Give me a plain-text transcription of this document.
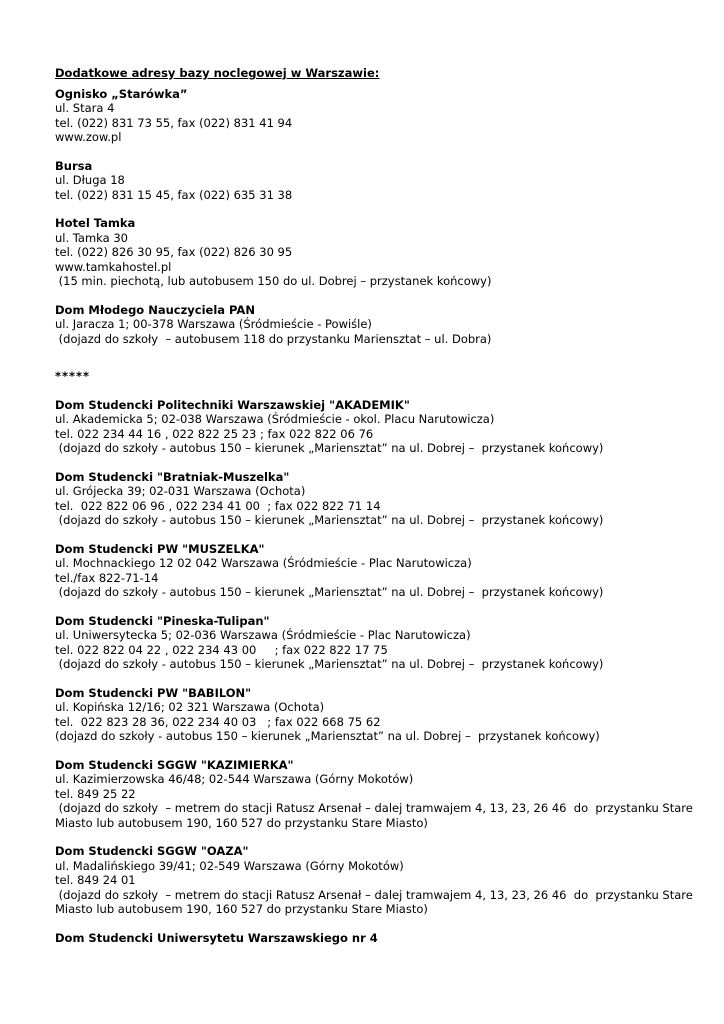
Dodatkowe adresy bazy noclegowej w Warszawie:
Ognisko „Starówka”
ul. Stara 4
tel. (022) 831 73 55, fax (022) 831 41 94
www.zow.pl
Bursa
ul. Długa 18
tel. (022) 831 15 45, fax (022) 635 31 38
Hotel Tamka
ul. Tamka 30
tel. (022) 826 30 95, fax (022) 826 30 95
www.tamkahostel.pl
(15 min. piechotą, lub autobusem 150 do ul. Dobrej – przystanek końcowy)
Dom Młodego Nauczyciela PAN
ul. Jaracza 1; 00-378 Warszawa (Śródmieście - Powiśle)
(dojazd do szkoły  – autobusem 118 do przystanku Mariensztat – ul. Dobra)
*****
Dom Studencki Politechniki Warszawskiej "AKADEMIK"
ul. Akademicka 5; 02-038 Warszawa (Śródmieście - okol. Placu Narutowicza)
tel. 022 234 44 16 , 022 822 25 23 ; fax 022 822 06 76
(dojazd do szkoły - autobus 150 – kierunek „Mariensztat” na ul. Dobrej –  przystanek końcowy)
Dom Studencki "Bratniak-Muszelka"
ul. Grójecka 39; 02-031 Warszawa (Ochota)
tel.  022 822 06 96 , 022 234 41 00  ; fax 022 822 71 14
(dojazd do szkoły - autobus 150 – kierunek „Mariensztat” na ul. Dobrej –  przystanek końcowy)
Dom Studencki PW "MUSZELKA"
ul. Mochnackiego 12 02 042 Warszawa (Śródmieście - Plac Narutowicza)
tel./fax 822-71-14
(dojazd do szkoły - autobus 150 – kierunek „Mariensztat” na ul. Dobrej –  przystanek końcowy)
Dom Studencki "Pineska-Tulipan"
ul. Uniwersytecka 5; 02-036 Warszawa (Śródmieście - Plac Narutowicza)
tel. 022 822 04 22 , 022 234 43 00     ; fax 022 822 17 75
(dojazd do szkoły - autobus 150 – kierunek „Mariensztat” na ul. Dobrej –  przystanek końcowy)
Dom Studencki PW "BABILON"
ul. Kopińska 12/16; 02 321 Warszawa (Ochota)
tel.  022 823 28 36, 022 234 40 03   ; fax 022 668 75 62
(dojazd do szkoły - autobus 150 – kierunek „Mariensztat” na ul. Dobrej –  przystanek końcowy)
Dom Studencki SGGW "KAZIMIERKA"
ul. Kazimierzowska 46/48; 02-544 Warszawa (Górny Mokotów)
tel. 849 25 22
(dojazd do szkoły  – metrem do stacji Ratusz Arsenał – dalej tramwajem 4, 13, 23, 26 46  do  przystanku Stare
Miasto lub autobusem 190, 160 527 do przystanku Stare Miasto)
Dom Studencki SGGW "OAZA"
ul. Madalińskiego 39/41; 02-549 Warszawa (Górny Mokotów)
tel. 849 24 01
(dojazd do szkoły  – metrem do stacji Ratusz Arsenał – dalej tramwajem 4, 13, 23, 26 46  do  przystanku Stare
Miasto lub autobusem 190, 160 527 do przystanku Stare Miasto)
Dom Studencki Uniwersytetu Warszawskiego nr 4
